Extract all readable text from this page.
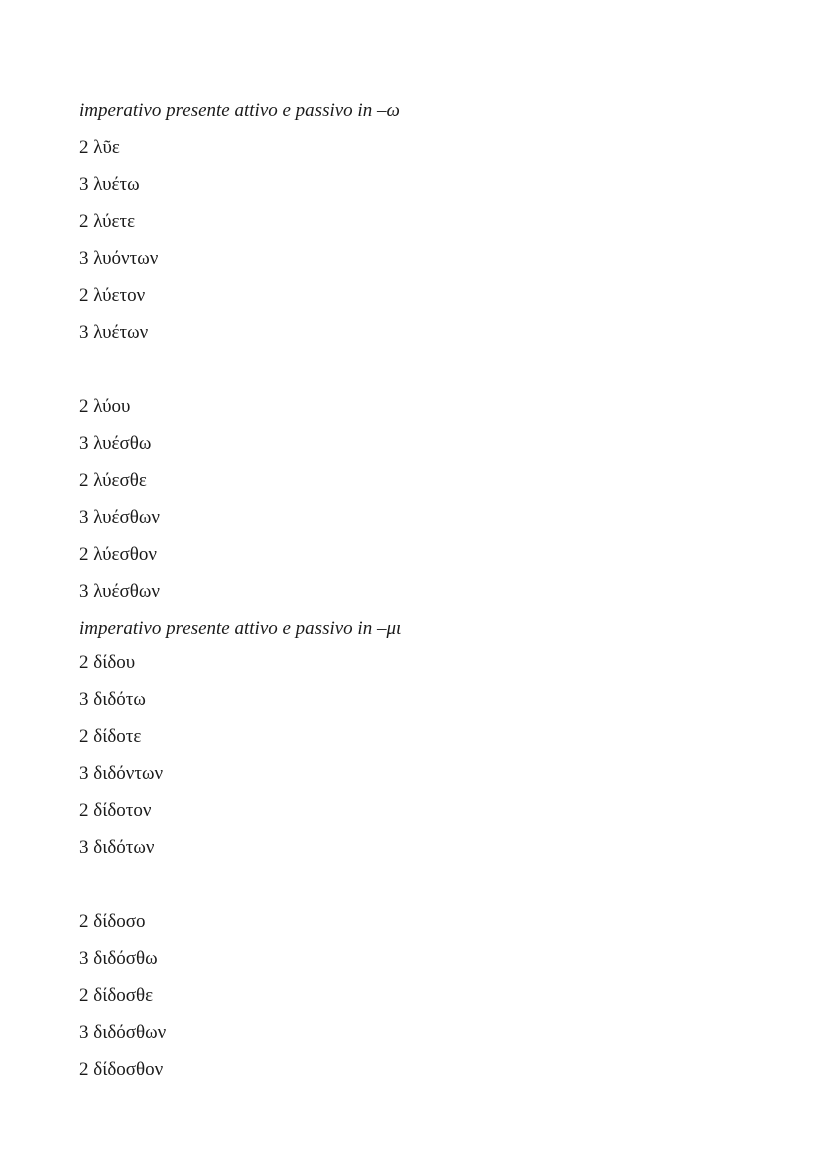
imperativo presente attivo e passivo in –ω
2 λῦε
3 λυέτω
2 λύετε
3 λυόντων
2 λύετον
3 λυέτων
2 λύου
3 λυέσθω
2 λύεσθε
3 λυέσθων
2 λύεσθον
3 λυέσθων
imperativo presente attivo e passivo in –μι
2 δίδου
3 διδότω
2 δίδοτε
3 διδόντων
2 δίδοτον
3 διδότων
2 δίδοσο
3 διδόσθω
2 δίδοσθε
3 διδόσθων
2 δίδοσθον
